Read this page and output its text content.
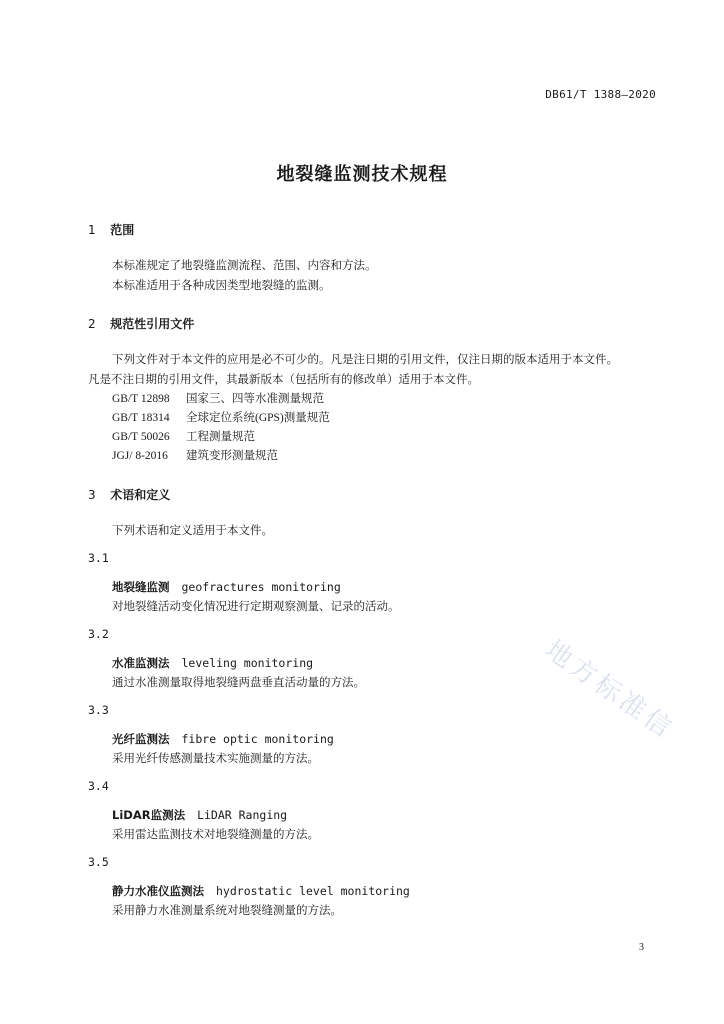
DB61/T 1388—2020
地裂缝监测技术规程
1 范围
本标准规定了地裂缝监测流程、范围、内容和方法。
本标准适用于各种成因类型地裂缝的监测。
2 规范性引用文件
下列文件对于本文件的应用是必不可少的。凡是注日期的引用文件，仅注日期的版本适用于本文件。
凡是不注日期的引用文件，其最新版本（包括所有的修改单）适用于本文件。
GB/T 12898 国家三、四等水准测量规范
GB/T 18314 全球定位系统(GPS)测量规范
GB/T 50026 工程测量规范
JGJ/ 8-2016 建筑变形测量规范
3 术语和定义
下列术语和定义适用于本文件。
3.1
地裂缝监测 geofractures monitoring
对地裂缝活动变化情况进行定期观察测量、记录的活动。
3.2
水准监测法 leveling monitoring
通过水准测量取得地裂缝两盘垂直活动量的方法。
3.3
光纤监测法 fibre optic monitoring
采用光纤传感测量技术实施测量的方法。
3.4
LiDAR监测法 LiDAR Ranging
采用雷达监测技术对地裂缝测量的方法。
3.5
静力水准仪监测法 hydrostatic level monitoring
采用静力水准测量系统对地裂缝测量的方法。
3
地方标准信
